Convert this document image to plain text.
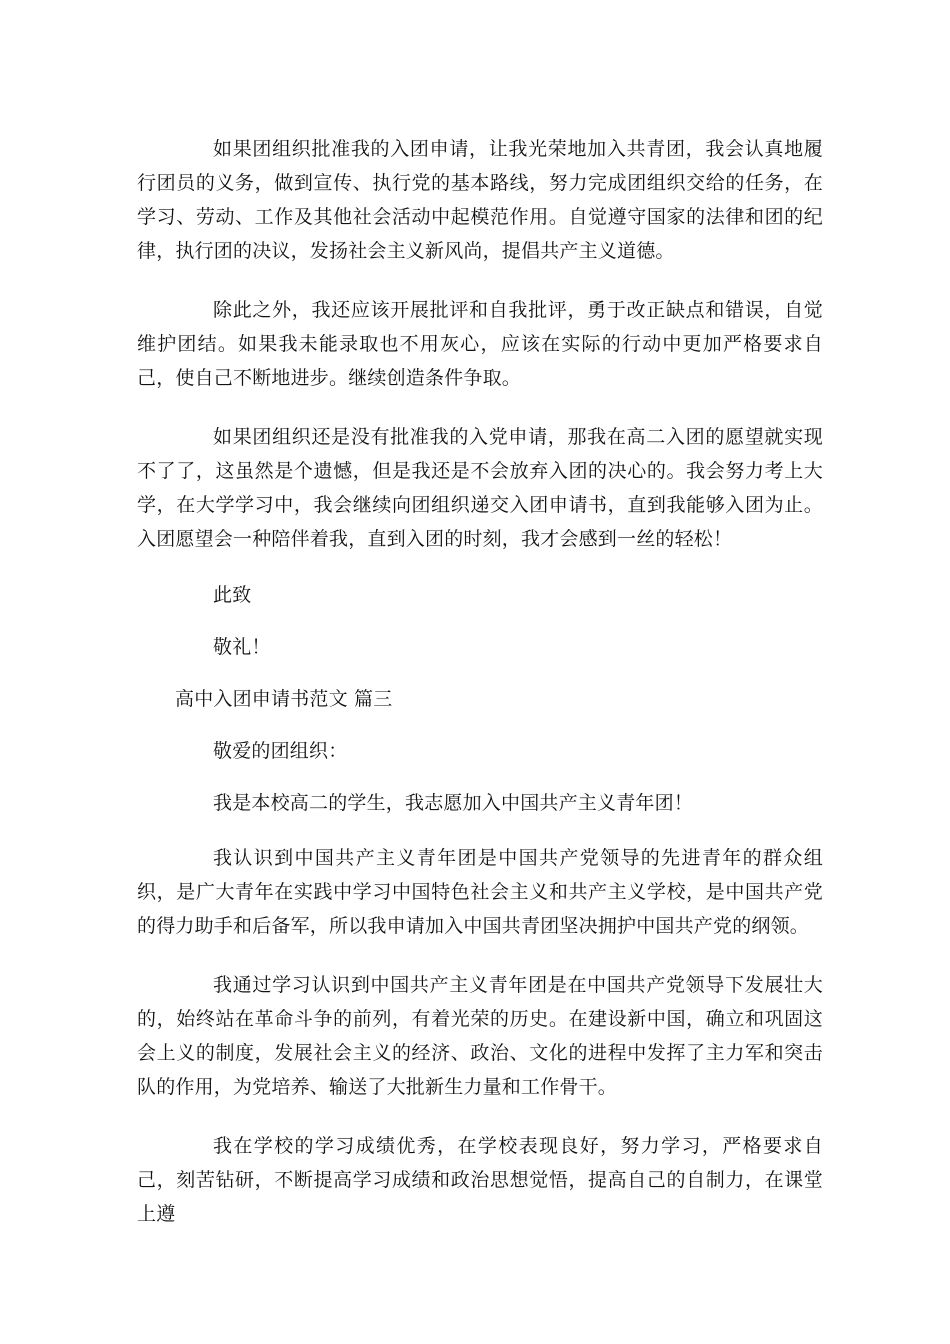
如果团组织批准我的入团申请，让我光荣地加入共青团，我会认真地履行团员的义务，做到宣传、执行党的基本路线，努力完成团组织交给的任务，在学习、劳动、工作及其他社会活动中起模范作用。自觉遵守国家的法律和团的纪律，执行团的决议，发扬社会主义新风尚，提倡共产主义道德。

除此之外，我还应该开展批评和自我批评，勇于改正缺点和错误，自觉维护团结。如果我未能录取也不用灰心，应该在实际的行动中更加严格要求自己，使自己不断地进步。继续创造条件争取。

如果团组织还是没有批准我的入党申请，那我在高二入团的愿望就实现不了了，这虽然是个遗憾，但是我还是不会放弃入团的决心的。我会努力考上大学，在大学学习中，我会继续向团组织递交入团申请书，直到我能够入团为止。入团愿望会一种陪伴着我，直到入团的时刻，我才会感到一丝的轻松！

此致

敬礼！

高中入团申请书范文 篇三

敬爱的团组织：

我是本校高二的学生，我志愿加入中国共产主义青年团！

我认识到中国共产主义青年团是中国共产党领导的先进青年的群众组织，是广大青年在实践中学习中国特色社会主义和共产主义学校，是中国共产党的得力助手和后备军，所以我申请加入中国共青团坚决拥护中国共产党的纲领。

我通过学习认识到中国共产主义青年团是在中国共产党领导下发展壮大的，始终站在革命斗争的前列，有着光荣的历史。在建设新中国，确立和巩固这会上义的制度，发展社会主义的经济、政治、文化的进程中发挥了主力军和突击队的作用，为党培养、输送了大批新生力量和工作骨干。

我在学校的学习成绩优秀，在学校表现良好，努力学习，严格要求自己，刻苦钻研，不断提高学习成绩和政治思想觉悟，提高自己的自制力，在课堂上遵
